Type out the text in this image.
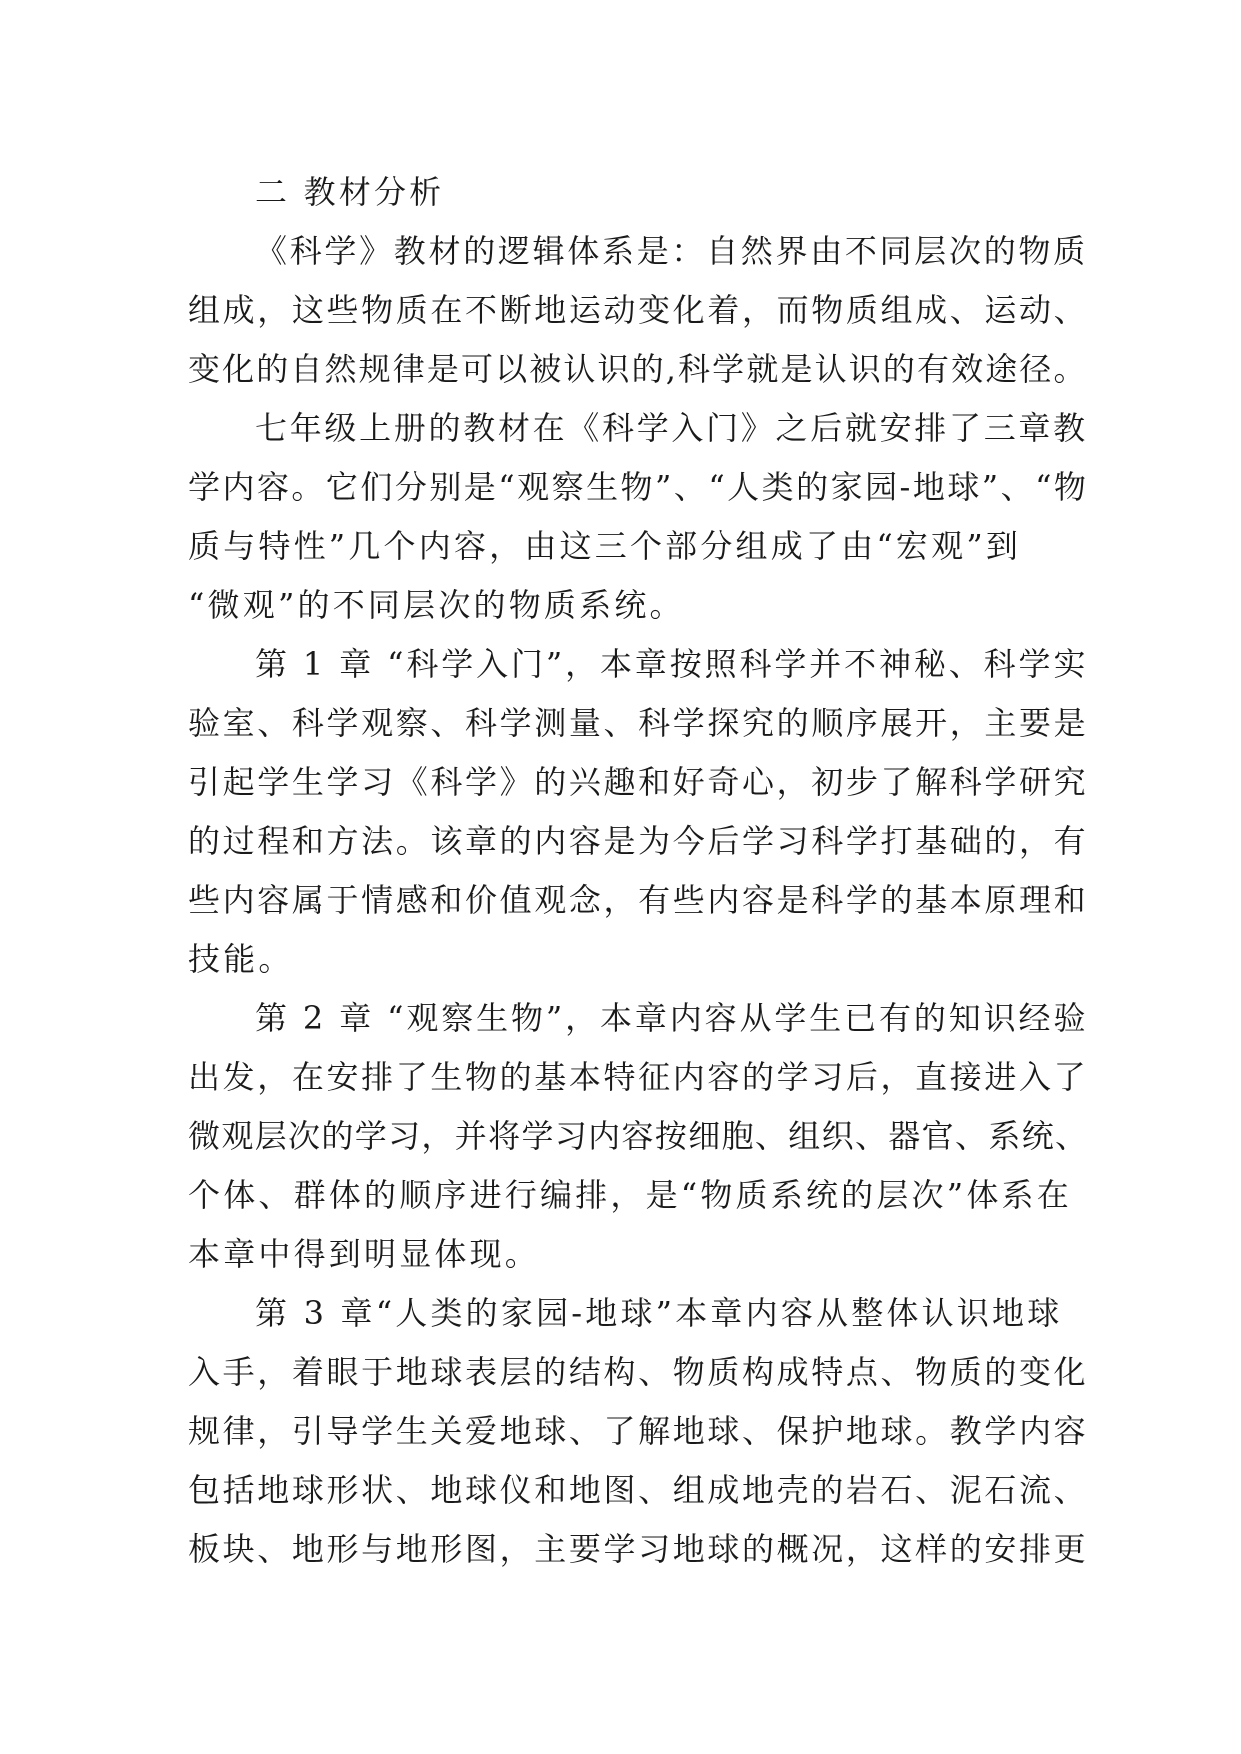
二 教材分析

《科学》教材的逻辑体系是：自然界由不同层次的物质

组成，这些物质在不断地运动变化着，而物质组成、运动、

变化的自然规律是可以被认识的,科学就是认识的有效途径。

七年级上册的教材在《科学入门》之后就安排了三章教

学内容。它们分别是“观察生物”、“人类的家园-地球”、“物

质与特性”几个内容，由这三个部分组成了由“宏观”到

“微观”的不同层次的物质系统。

第 1 章 “科学入门”，本章按照科学并不神秘、科学实

验室、科学观察、科学测量、科学探究的顺序展开，主要是

引起学生学习《科学》的兴趣和好奇心，初步了解科学研究

的过程和方法。该章的内容是为今后学习科学打基础的，有

些内容属于情感和价值观念，有些内容是科学的基本原理和

技能。

第 2 章 “观察生物”，本章内容从学生已有的知识经验

出发，在安排了生物的基本特征内容的学习后，直接进入了

微观层次的学习，并将学习内容按细胞、组织、器官、系统、

个体、群体的顺序进行编排，是“物质系统的层次”体系在

本章中得到明显体现。

第 3 章“人类的家园-地球”本章内容从整体认识地球

入手，着眼于地球表层的结构、物质构成特点、物质的变化

规律，引导学生关爱地球、了解地球、保护地球。教学内容

包括地球形状、地球仪和地图、组成地壳的岩石、泥石流、

板块、地形与地形图，主要学习地球的概况，这样的安排更
